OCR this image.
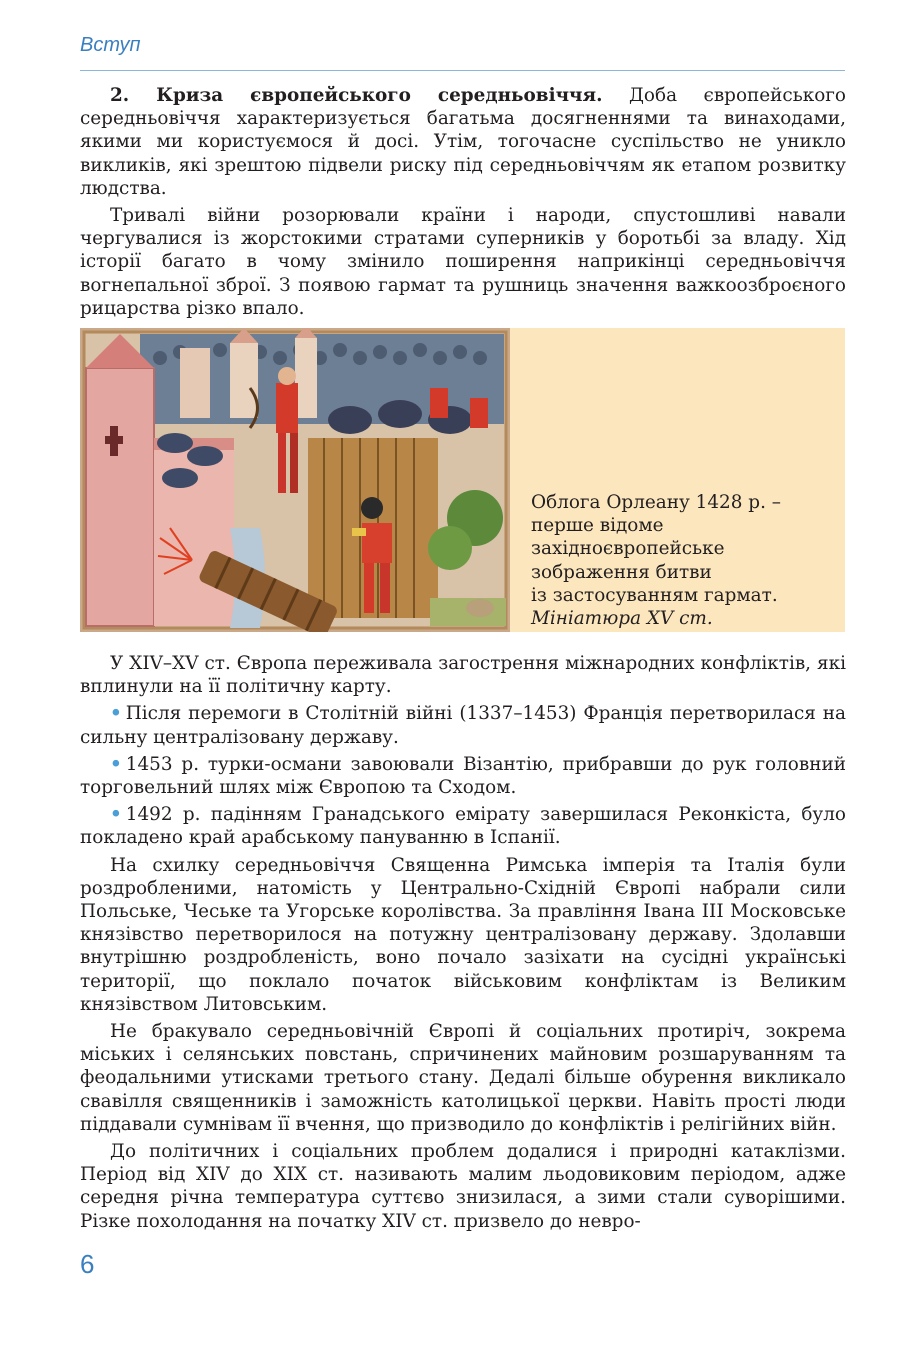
Вступ

2. Криза європейського середньовіччя. Доба європейського середньовіччя характеризується багатьма досягненнями та винаходами, якими ми користуємося й досі. Утім, тогочасне суспільство не уникло викликів, які зрештою підвели риску під середньовіччям як етапом розвитку людства.

Тривалі війни розорювали країни і народи, спустошливі навали чергувалися із жорстокими стратами суперників у боротьбі за владу. Хід історії багато в чому змінило поширення наприкінці середньовіччя вогнепальної зброї. З появою гармат та рушниць значення важкоозброєного рицарства різко впало.

Облога Орлеану 1428 р. –
перше відоме
західноєвропейське
зображення битви
із застосуванням гармат.
Мініатюра XV ст.

У XIV–XV ст. Європа переживала загострення міжнародних конфліктів, які вплинули на її політичну карту.

• Після перемоги в Столітній війні (1337–1453) Франція перетворилася на сильну централізовану державу.

• 1453 р. турки-османи завоювали Візантію, прибравши до рук головний торговельний шлях між Європою та Сходом.

• 1492 р. падінням Гранадського емірату завершилася Реконкіста, було покладено край арабському пануванню в Іспанії.

На схилку середньовіччя Священна Римська імперія та Італія були роздробленими, натомість у Центрально-Східній Європі набрали сили Польське, Чеське та Угорське королівства. За правління Івана III Московське князівство перетворилося на потужну централізовану державу. Здолавши внутрішню роздробленість, воно почало зазіхати на сусідні українські території, що поклало початок військовим конфліктам із Великим князівством Литовським.

Не бракувало середньовічній Європі й соціальних протиріч, зокрема міських і селянських повстань, спричинених майновим розшаруванням та феодальними утисками третього стану. Дедалі більше обурення викликало свавілля священників і заможність католицької церкви. Навіть прості люди піддавали сумнівам її вчення, що призводило до конфліктів і релігійних війн.

До політичних і соціальних проблем додалися і природні катаклізми. Період від XIV до XIX ст. називають малим льодовиковим періодом, адже середня річна температура суттєво знизилася, а зими стали суворішими. Різке похолодання на початку XIV ст. призвело до невро-

6
